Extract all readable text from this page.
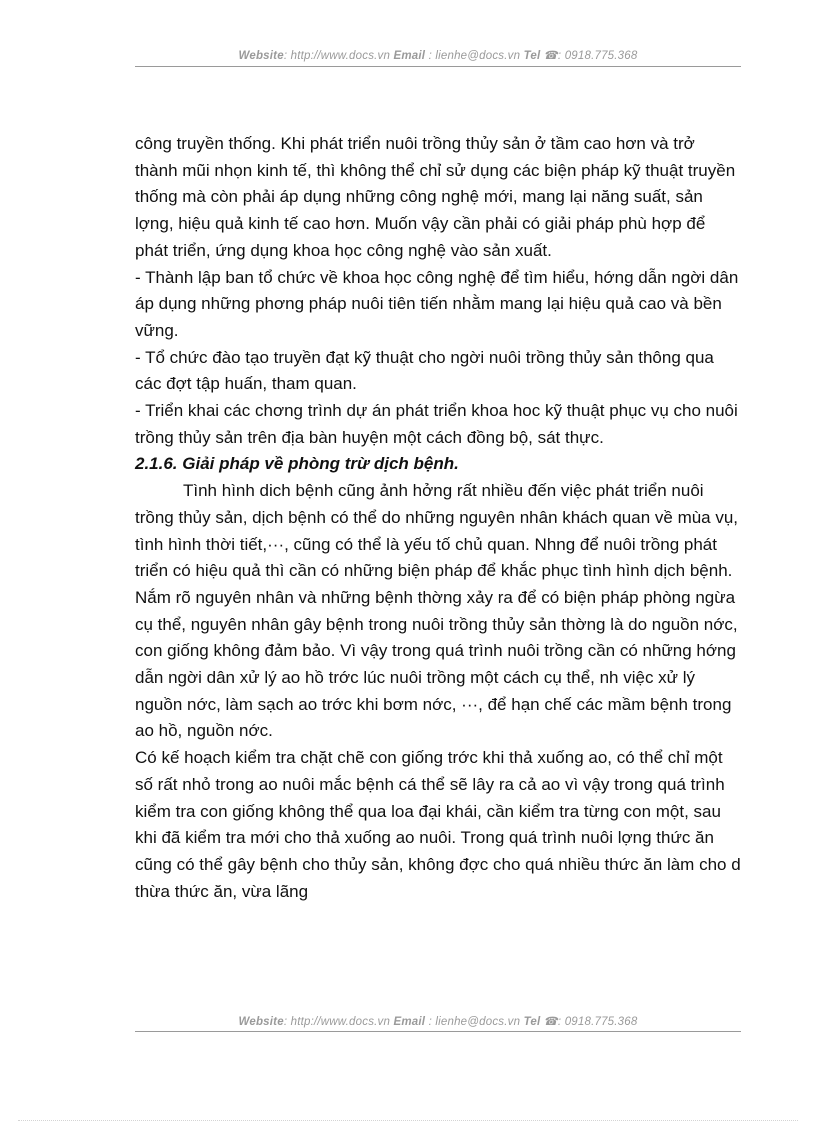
Website: http://www.docs.vn Email : lienhe@docs.vn Tel ☎: 0918.775.368

công truyền thống. Khi phát triển nuôi trồng thủy sản ở tầm cao hơn và trở thành mũi nhọn kinh tế, thì không thể chỉ sử dụng các biện pháp kỹ thuật truyền thống mà còn phải áp dụng những công nghệ mới, mang lại năng suất, sản lợng, hiệu quả kinh tế cao hơn. Muốn vậy cần phải có giải pháp phù hợp để phát triển, ứng dụng khoa học công nghệ vào sản xuất.

- Thành lập ban tổ chức về khoa học công nghệ để tìm hiểu, hớng dẫn ngời dân áp dụng những phơng pháp nuôi tiên tiến nhằm mang lại hiệu quả cao và bền vững.

- Tổ chức đào tạo truyền đạt kỹ thuật cho ngời nuôi trồng thủy sản thông qua các đợt tập huấn, tham quan.

- Triển khai các chơng trình dự án phát triển khoa hoc kỹ thuật phục vụ cho nuôi trồng thủy sản trên địa bàn huyện một cách đồng bộ, sát thực.

2.1.6. Giải pháp về phòng trừ dịch bệnh.

Tình hình dich bệnh cũng ảnh hởng rất nhiều đến việc phát triển nuôi trồng thủy sản, dịch bệnh có thể do những nguyên nhân khách quan về mùa vụ, tình hình thời tiết,···, cũng có thể là yếu tố chủ quan. Nhng để nuôi trồng phát triển có hiệu quả thì cần có những biện pháp để khắc phục tình hình dịch bệnh. Nắm rõ nguyên nhân và những bệnh thờng xảy ra để có biện pháp phòng ngừa cụ thể, nguyên nhân gây bệnh trong nuôi trồng thủy sản thờng là do nguồn nớc, con giống không đảm bảo. Vì vậy trong quá trình nuôi trồng cần có những hớng dẫn ngời dân xử lý ao hồ trớc lúc nuôi trồng một cách cụ thể, nh việc xử lý nguồn nớc, làm sạch ao trớc khi bơm nớc, ···, để hạn chế các mầm bệnh trong ao hồ, nguồn nớc.

Có kế hoạch kiểm tra chặt chẽ con giống trớc khi thả xuống ao, có thể chỉ một số rất nhỏ trong ao nuôi mắc bệnh cá thể sẽ lây ra cả ao vì vậy trong quá trình kiểm tra con giống không thể qua loa đại khái, cần kiểm tra từng con một, sau khi đã kiểm tra mới cho thả xuống ao nuôi. Trong quá trình nuôi lợng thức ăn cũng có thể gây bệnh cho thủy sản, không đợc cho quá nhiều thức ăn làm cho d thừa thức ăn, vừa lãng

Website: http://www.docs.vn Email : lienhe@docs.vn Tel ☎: 0918.775.368
